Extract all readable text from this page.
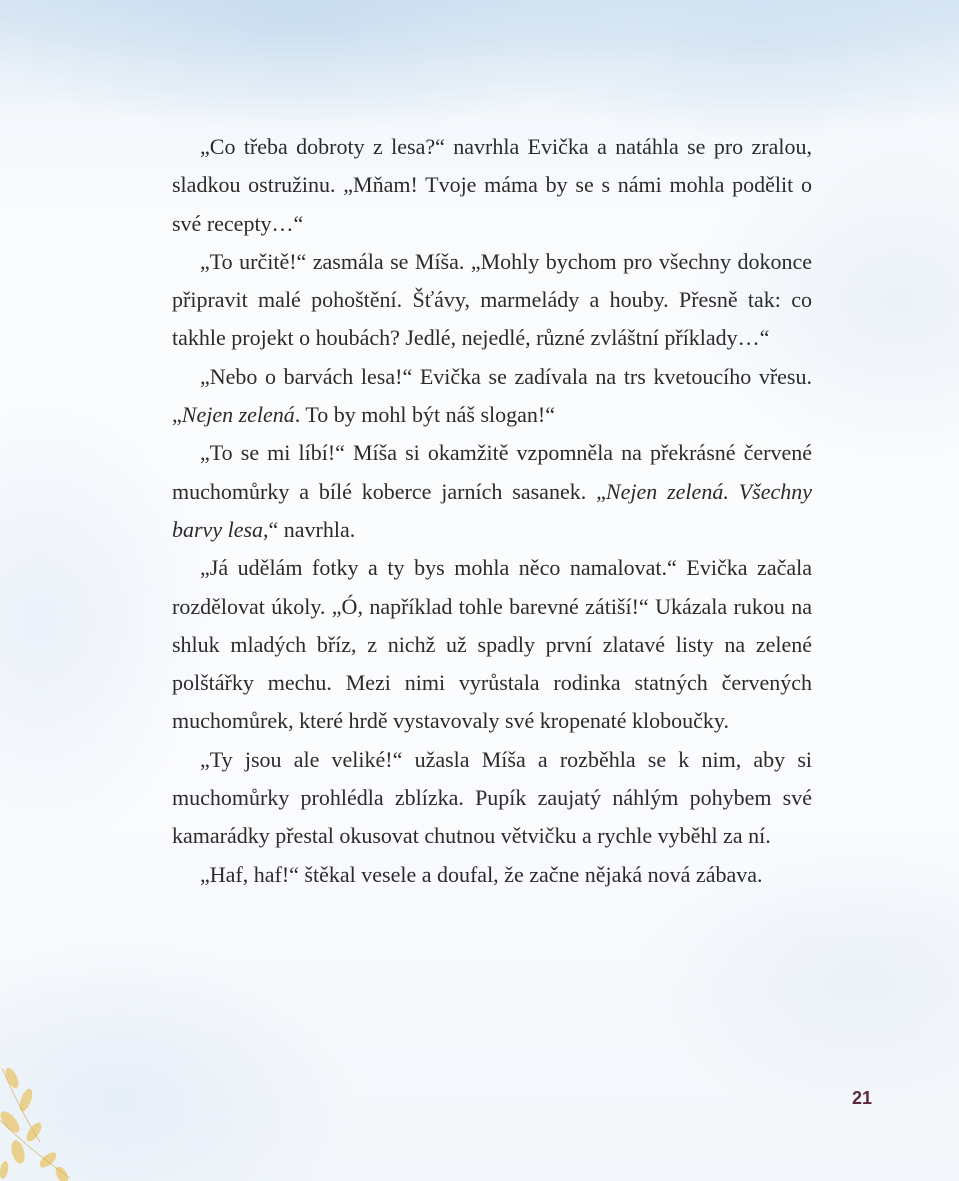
„Co třeba dobroty z lesa?“ navrhla Evička a natáhla se pro zralou, sladkou ostružinu. „Mňam! Tvoje máma by se s námi mohla podělit o své recepty…“

„To určitě!“ zasmála se Míša. „Mohly bychom pro všechny dokonce připravit malé pohoštění. Šťávy, marmelády a houby. Přesně tak: co takhle projekt o houbách? Jedlé, nejedlé, různé zvláštní příklady…“

„Nebo o barvách lesa!“ Evička se zadívala na trs kvetoucího vřesu. „Nejen zelená. To by mohl být náš slogan!“

„To se mi líbí!“ Míša si okamžitě vzpomněla na překrásné červené muchomůrky a bílé koberce jarních sasanek. „Nejen zelená. Všechny barvy lesa,“ navrhla.

„Já udělám fotky a ty bys mohla něco namalovat.“ Evička začala rozdělovat úkoly. „Ó, například tohle barevné zátiší!“ Ukázala rukou na shluk mladých bříz, z nichž už spadly první zlatavé listy na zelené polštářky mechu. Mezi nimi vyrůstala rodinka statných červených muchomůrek, které hrdě vystavovaly své kropenaté kloboučky.

„Ty jsou ale veliké!“ užasla Míša a rozběhla se k nim, aby si muchomůrky prohlédla zblízka. Pupík zaujatý náhlým pohybem své kamarádky přestal okusovat chutnou větvičku a rychle vyběhl za ní.

„Haf, haf!“ štěkal vesele a doufal, že začne nějaká nová zábava.

21
